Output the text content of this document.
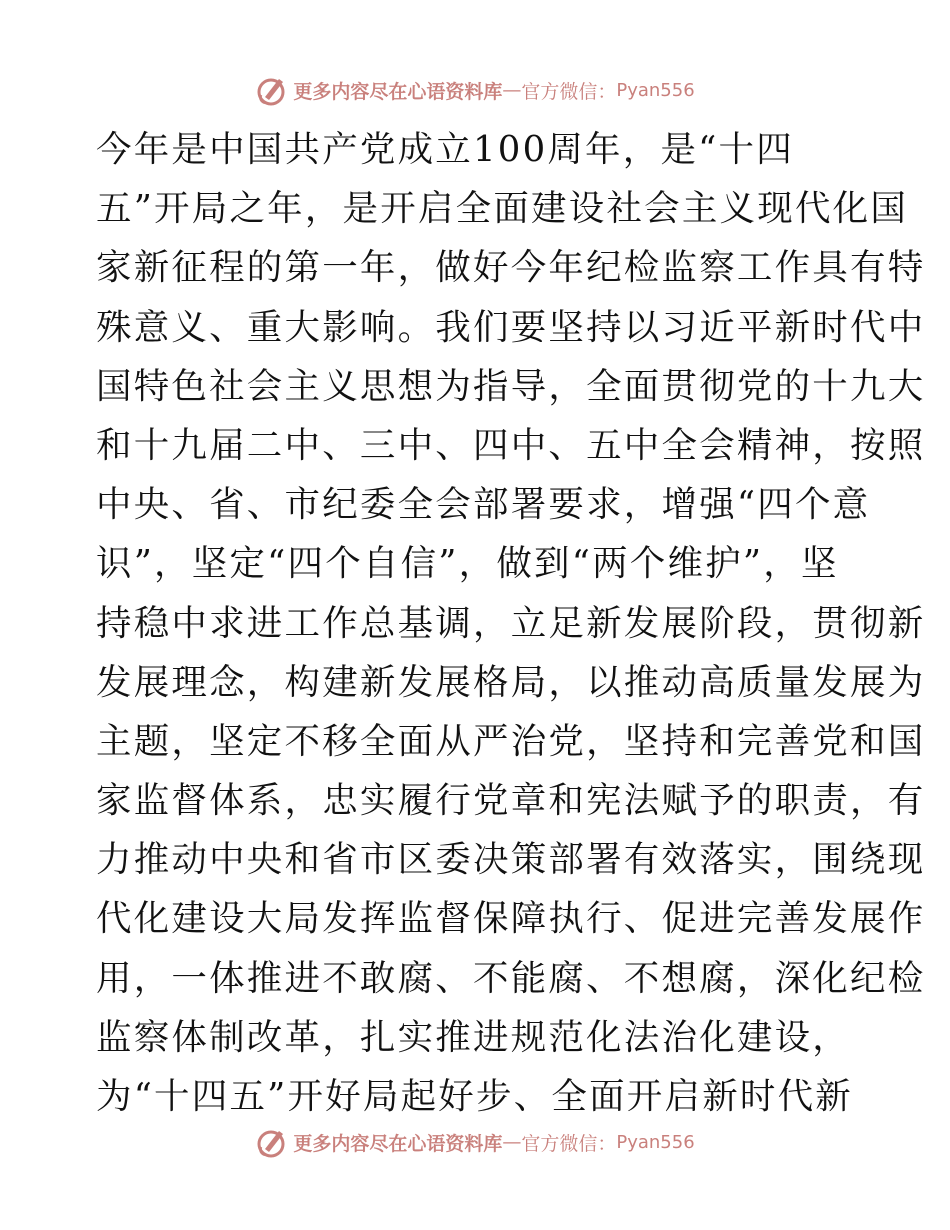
更多内容尽在心语资料库 — 官方微信： Pyan556
今年是中国共产党成立100周年，是“十四
五”开局之年，是开启全面建设社会主义现代化国
家新征程的第一年，做好今年纪检监察工作具有特
殊意义、重大影响。我们要坚持以习近平新时代中
国特色社会主义思想为指导，全面贯彻党的十九大
和十九届二中、三中、四中、五中全会精神，按照
中央、省、市纪委全会部署要求，增强“四个意
识”，坚定“四个自信”，做到“两个维护”，坚
持稳中求进工作总基调，立足新发展阶段，贯彻新
发展理念，构建新发展格局，以推动高质量发展为
主题，坚定不移全面从严治党，坚持和完善党和国
家监督体系，忠实履行党章和宪法赋予的职责，有
力推动中央和省市区委决策部署有效落实，围绕现
代化建设大局发挥监督保障执行、促进完善发展作
用，一体推进不敢腐、不能腐、不想腐，深化纪检
监察体制改革，扎实推进规范化法治化建设，
为“十四五”开好局起好步、全面开启新时代新
更多内容尽在心语资料库 — 官方微信： Pyan556
